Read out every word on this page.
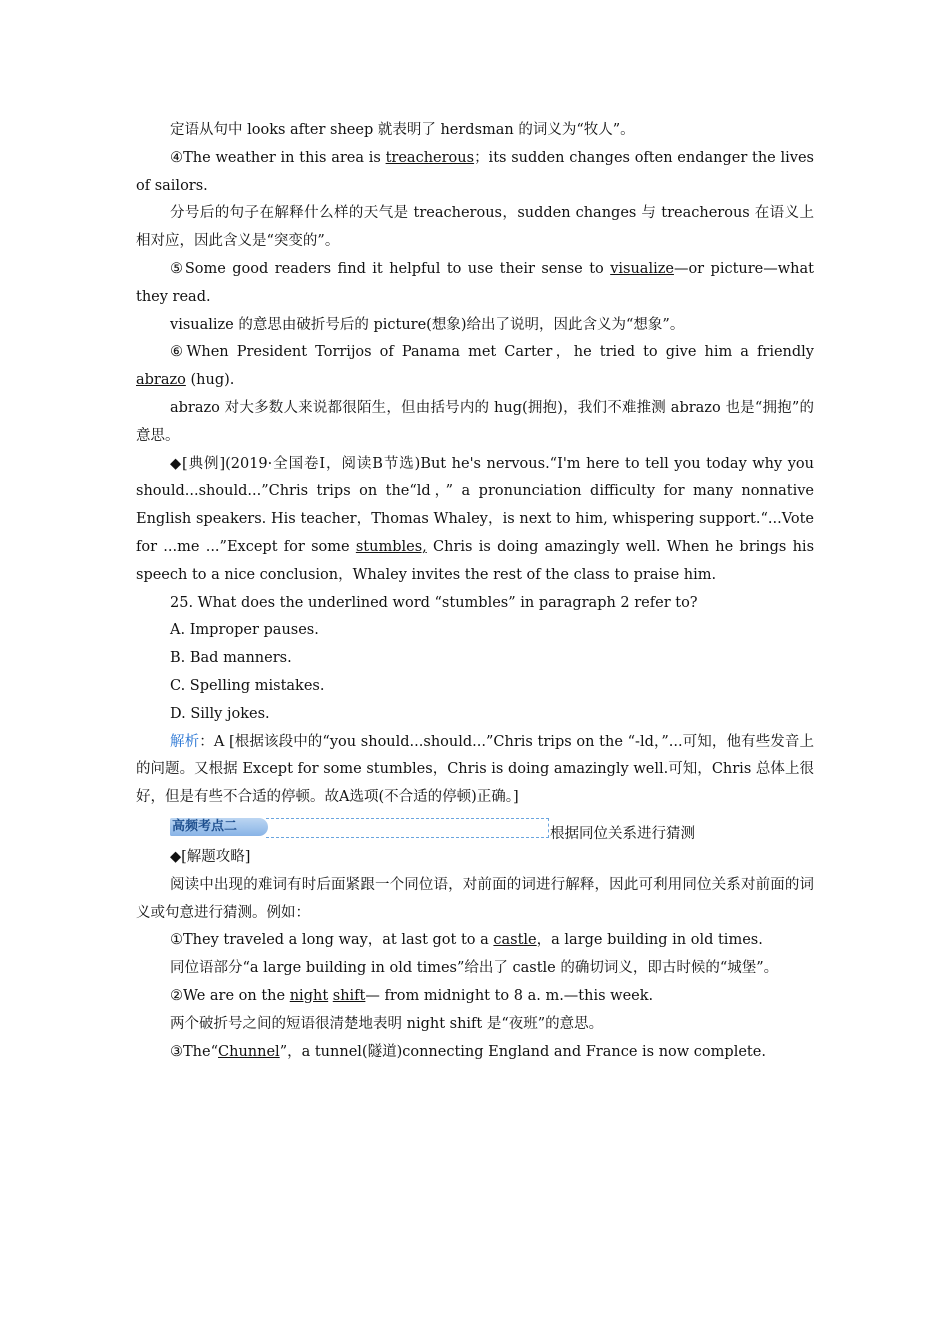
定语从句中 looks after sheep 就表明了 herdsman 的词义为“牧人”。

④The weather in this area is treacherous；its sudden changes often endanger the lives of sailors.

分号后的句子在解释什么样的天气是 treacherous，sudden changes 与 treacherous 在语义上相对应，因此含义是“突变的”。

⑤Some good readers find it helpful to use their sense to visualize—or picture—what they read.

visualize 的意思由破折号后的 picture(想象)给出了说明，因此含义为“想象”。

⑥When President Torrijos of Panama met Carter，he tried to give him a friendly abrazo (hug).

abrazo 对大多数人来说都很陌生，但由括号内的 hug(拥抱)，我们不难推测 abrazo 也是“拥抱”的意思。

◆[典例](2019·全国卷Ⅰ，阅读B节选)But he's nervous.“I'm here to tell you today why you should...should...”Chris trips on the“ld，” a pronunciation difficulty for many nonnative English speakers. His teacher，Thomas Whaley，is next to him, whispering support.“...Vote for ...me ...”Except for some stumbles, Chris is doing amazingly well. When he brings his speech to a nice conclusion，Whaley invites the rest of the class to praise him.

25. What does the underlined word “stumbles” in paragraph 2 refer to?

A. Improper pauses.

B. Bad manners.

C. Spelling mistakes.

D. Silly jokes.

解析：A [根据该段中的“you should...should...”Chris trips on the “-ld，”...可知，他有些发音上的问题。又根据 Except for some stumbles，Chris is doing amazingly well.可知，Chris 总体上很好，但是有些不合适的停顿。故A选项(不合适的停顿)正确。]

高频考点二	根据同位关系进行猜测

◆[解题攻略]

阅读中出现的难词有时后面紧跟一个同位语，对前面的词进行解释，因此可利用同位关系对前面的词义或句意进行猜测。例如：

①They traveled a long way，at last got to a castle，a large building in old times.

同位语部分“a large building in old times”给出了 castle 的确切词义，即古时候的“城堡”。

②We are on the night shift— from midnight to 8 a. m.—this week.

两个破折号之间的短语很清楚地表明 night shift 是“夜班”的意思。

③The“Chunnel”，a tunnel(隧道)connecting England and France is now complete.
